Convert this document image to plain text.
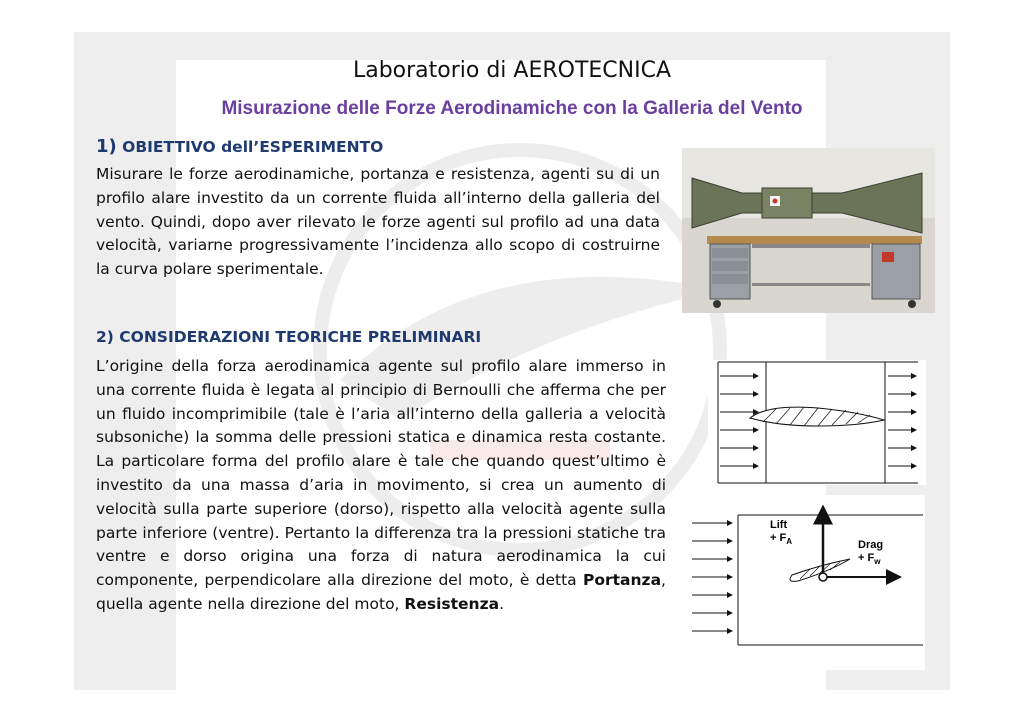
Laboratorio di AEROTECNICA
Misurazione delle Forze Aerodinamiche con la Galleria del Vento
1) OBIETTIVO dell’ESPERIMENTO
Misurare le forze aerodinamiche, portanza e resistenza, agenti su di un profilo alare investito da un corrente fluida all’interno della galleria del vento. Quindi, dopo aver rilevato le forze agenti sul profilo ad una data velocità, variarne progressivamente l’incidenza allo scopo di costruirne la curva polare sperimentale.
2) CONSIDERAZIONI TEORICHE PRELIMINARI
L’origine della forza aerodinamica agente sul profilo alare immerso in una corrente fluida è legata al principio di Bernoulli che afferma che per un fluido incomprimibile (tale è l’aria all’interno della galleria a velocità subsoniche) la somma delle pressioni statica e dinamica resta costante. La particolare forma del profilo alare è tale che quando quest’ultimo è investito da una massa d’aria in movimento, si crea un aumento di velocità sulla parte superiore (dorso), rispetto alla velocità agente sulla parte inferiore (ventre). Pertanto la differenza tra la pressioni statiche tra ventre e dorso origina una forza di natura aerodinamica la cui componente, perpendicolare alla direzione del moto, è detta Portanza, quella agente nella direzione del moto, Resistenza.
Lift
+ $F_A$	Drag
+ $F_w$
